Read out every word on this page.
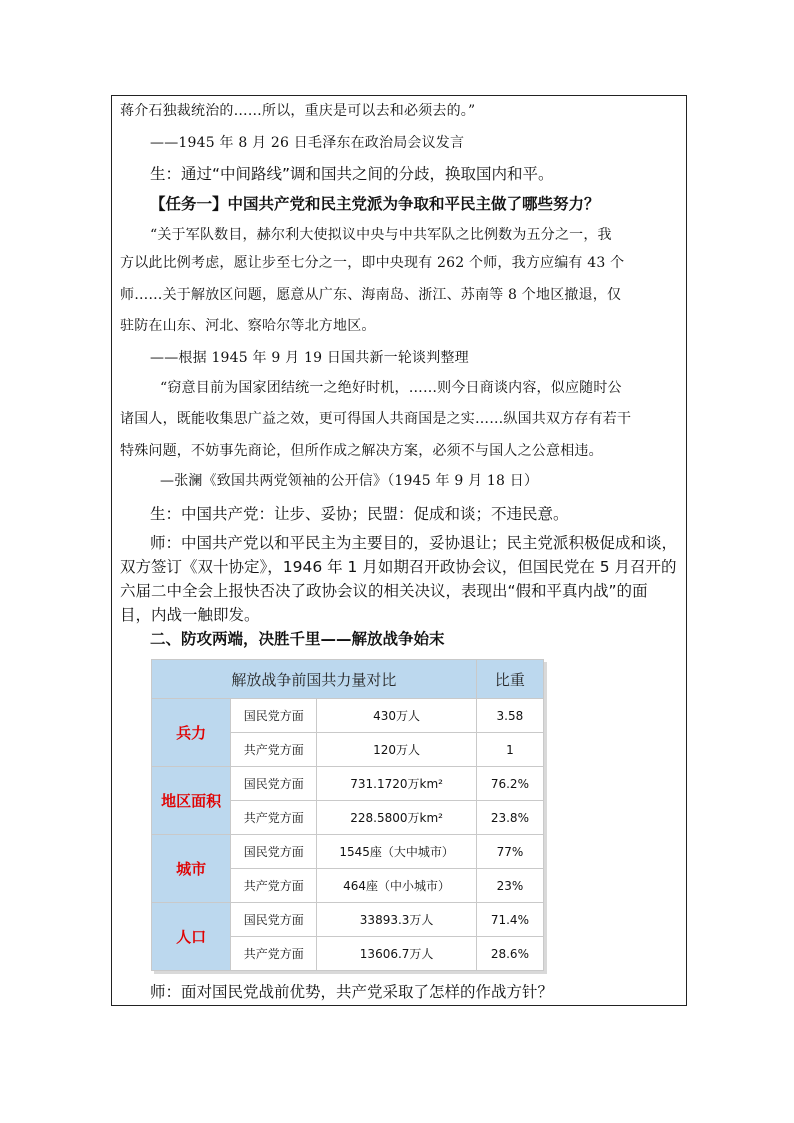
蒋介石独裁统治的……所以，重庆是可以去和必须去的。”
——1945 年 8 月 26 日毛泽东在政治局会议发言
生：通过“中间路线”调和国共之间的分歧，换取国内和平。
【任务一】中国共产党和民主党派为争取和平民主做了哪些努力？
“关于军队数目，赫尔利大使拟议中央与中共军队之比例数为五分之一，我
方以此比例考虑，愿让步至七分之一，即中央现有 262 个师，我方应编有 43 个
师……关于解放区问题，愿意从广东、海南岛、浙江、苏南等 8 个地区撤退，仅
驻防在山东、河北、察哈尔等北方地区。
——根据 1945 年 9 月 19 日国共新一轮谈判整理
“窃意目前为国家团结统一之绝好时机，……则今日商谈内容，似应随时公
诸国人，既能收集思广益之效，更可得国人共商国是之实……纵国共双方存有若干
特殊问题，不妨事先商论，但所作成之解决方案，必须不与国人之公意相违。
—张澜《致国共两党领袖的公开信》（1945 年 9 月 18 日）
生：中国共产党：让步、妥协；民盟：促成和谈；不违民意。
师：中国共产党以和平民主为主要目的，妥协退让；民主党派积极促成和谈，
双方签订《双十协定》，1946 年 1 月如期召开政协会议，但国民党在 5 月召开的
六届二中全会上报快否决了政协会议的相关决议，表现出“假和平真内战”的面
目，内战一触即发。
二、防攻两端，决胜千里——解放战争始末
解放战争前国共力量对比			比重
兵力	国民党方面	430万人	3.58
	共产党方面	120万人	1
地区面积	国民党方面	731.1720万km²	76.2%
	共产党方面	228.5800万km²	23.8%
城市	国民党方面	1545座（大中城市）	77%
	共产党方面	464座（中小城市）	23%
人口	国民党方面	33893.3万人	71.4%
	共产党方面	13606.7万人	28.6%
师：面对国民党战前优势，共产党采取了怎样的作战方针？
